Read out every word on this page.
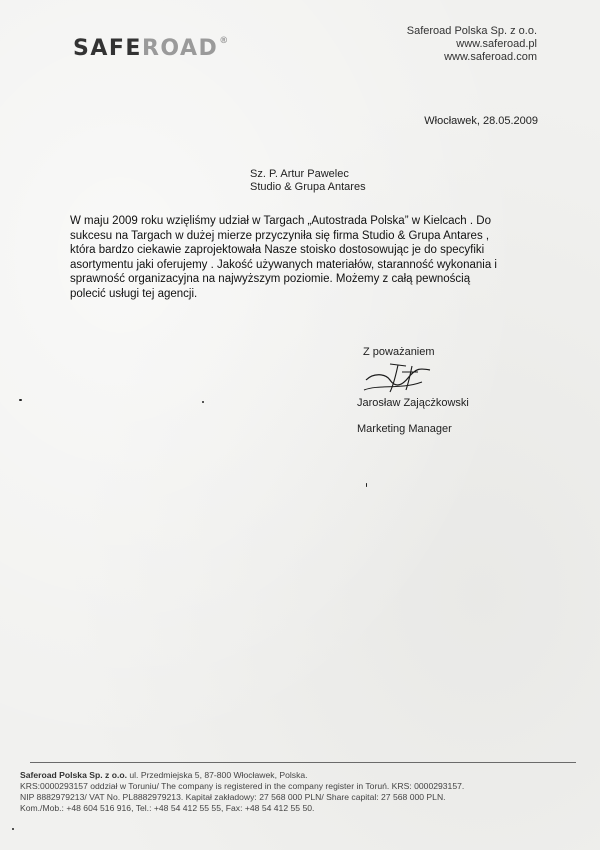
SAFEROAD®
Saferoad Polska Sp. z o.o.
www.saferoad.pl
www.saferoad.com
Włocławek, 28.05.2009
Sz. P. Artur Pawelec
Studio & Grupa Antares
W maju 2009 roku wzięliśmy udział w Targach „Autostrada Polska” w Kielcach . Do
sukcesu na Targach w dużej mierze przyczyniła się firma Studio & Grupa Antares ,
która bardzo ciekawie zaprojektowała Nasze stoisko dostosowując je do specyfiki
asortymentu jaki oferujemy . Jakość używanych materiałów, staranność wykonania i
sprawność organizacyjna na najwyższym poziomie. Możemy z całą pewnością
polecić usługi tej agencji.
Z poważaniem
Jarosław Zającżkowski
Marketing Manager
Saferoad Polska Sp. z o.o. ul. Przedmiejska 5, 87-800 Włocławek, Polska.
KRS:0000293157 oddział w Toruniu/ The company is registered in the company register in Toruń. KRS: 0000293157.
NIP 8882979213/ VAT No. PL8882979213. Kapitał zakładowy: 27 568 000 PLN/ Share capital: 27 568 000 PLN.
Kom./Mob.: +48 604 516 916, Tel.: +48 54 412 55 55, Fax: +48 54 412 55 50.
